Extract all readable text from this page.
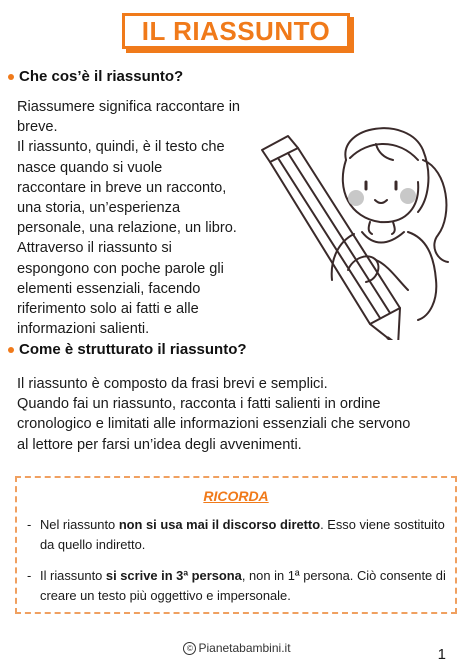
IL RIASSUNTO
Che cos’è il riassunto?
Riassumere significa raccontare in breve.
Il riassunto, quindi, è il testo che
nasce quando si vuole
raccontare in breve un racconto,
una storia, un’esperienza
personale, una relazione, un libro.
Attraverso il riassunto si
espongono con poche parole gli
elementi essenziali, facendo
riferimento solo ai fatti e alle
informazioni salienti.
Come è strutturato il riassunto?
Il riassunto è composto da frasi brevi e semplici.
Quando fai un riassunto, racconta i fatti salienti in ordine
cronologico e limitati alle informazioni essenziali che servono
al lettore per farsi un’idea degli avvenimenti.
RICORDA
- Nel riassunto non si usa mai il discorso diretto. Esso viene sostituito da quello indiretto.
- Il riassunto si scrive in 3ª persona, non in 1ª persona. Ciò consente di creare un testo più oggettivo e impersonale.
© Pianetabambini.it	1
